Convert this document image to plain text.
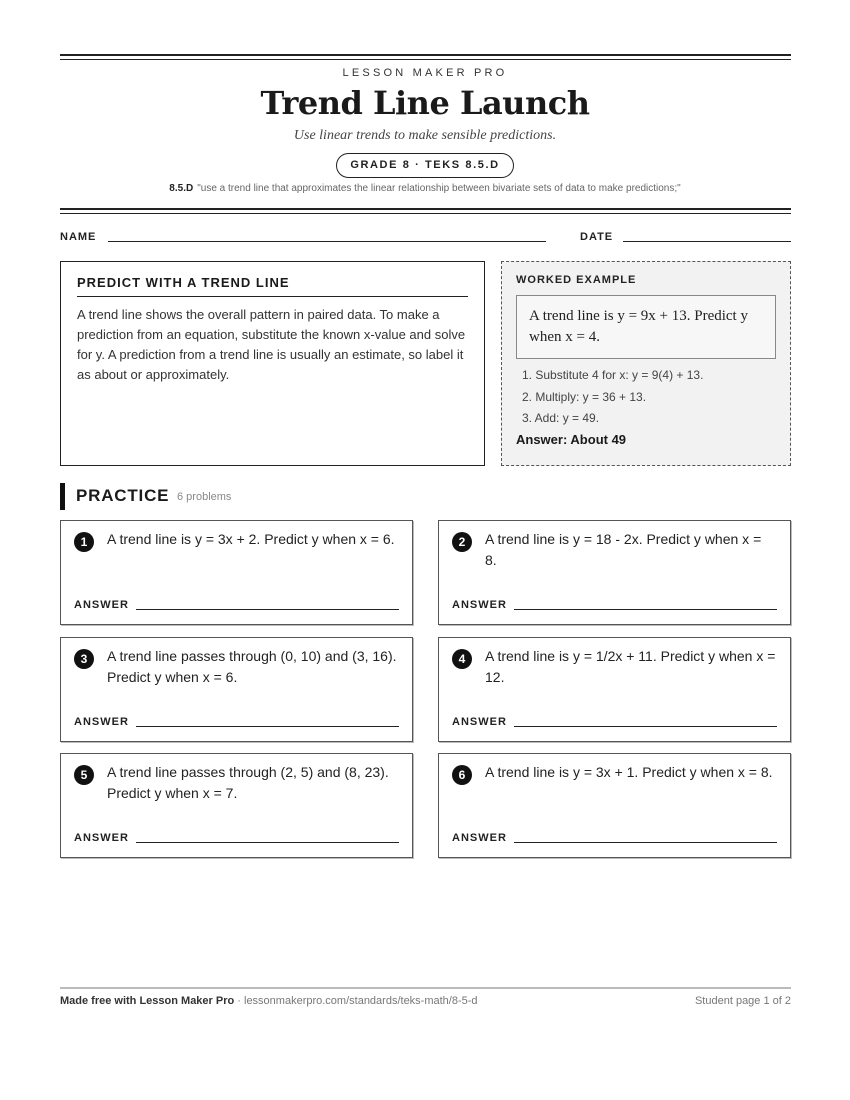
LESSON MAKER PRO
Trend Line Launch
Use linear trends to make sensible predictions.
GRADE 8 · TEKS 8.5.D
8.5.D "use a trend line that approximates the linear relationship between bivariate sets of data to make predictions;"
NAME	DATE
PREDICT WITH A TREND LINE
A trend line shows the overall pattern in paired data. To make a prediction from an equation, substitute the known x-value and solve for y. A prediction from a trend line is usually an estimate, so label it as about or approximately.
WORKED EXAMPLE
A trend line is y = 9x + 13. Predict y when x = 4.
1. Substitute 4 for x: y = 9(4) + 13.
2. Multiply: y = 36 + 13.
3. Add: y = 49.
Answer: About 49
PRACTICE 6 problems
1	A trend line is y = 3x + 2. Predict y when x = 6.
ANSWER
2	A trend line is y = 18 - 2x. Predict y when x = 8.
ANSWER
3	A trend line passes through (0, 10) and (3, 16). Predict y when x = 6.
ANSWER
4	A trend line is y = 1/2x + 11. Predict y when x = 12.
ANSWER
5	A trend line passes through (2, 5) and (8, 23). Predict y when x = 7.
ANSWER
6	A trend line is y = 3x + 1. Predict y when x = 8.
ANSWER
Made free with Lesson Maker Pro · lessonmakerpro.com/standards/teks-math/8-5-d	Student page 1 of 2
